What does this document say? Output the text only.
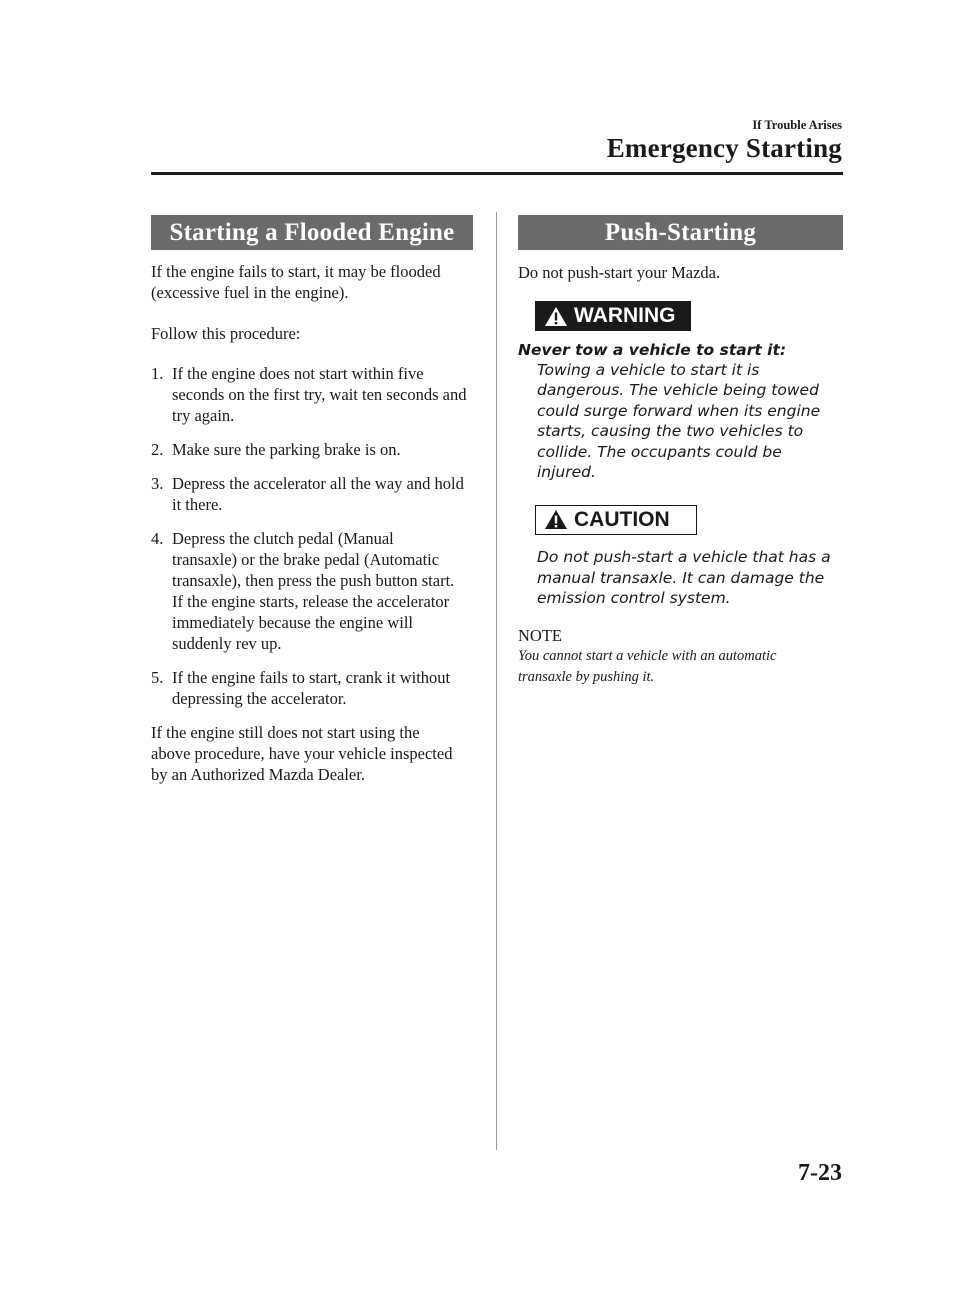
If Trouble Arises
Emergency Starting
Starting a Flooded Engine

If the engine fails to start, it may be flooded (excessive fuel in the engine).

Follow this procedure:

1. If the engine does not start within five seconds on the first try, wait ten seconds and try again.
2. Make sure the parking brake is on.
3. Depress the accelerator all the way and hold it there.
4. Depress the clutch pedal (Manual transaxle) or the brake pedal (Automatic transaxle), then press the push button start. If the engine starts, release the accelerator immediately because the engine will suddenly rev up.
5. If the engine fails to start, crank it without depressing the accelerator.

If the engine still does not start using the above procedure, have your vehicle inspected by an Authorized Mazda Dealer.

Push-Starting

Do not push-start your Mazda.

WARNING
Never tow a vehicle to start it:
Towing a vehicle to start it is dangerous. The vehicle being towed could surge forward when its engine starts, causing the two vehicles to collide. The occupants could be injured.
CAUTION
Do not push-start a vehicle that has a manual transaxle. It can damage the emission control system.
NOTE
You cannot start a vehicle with an automatic transaxle by pushing it.
7-23
